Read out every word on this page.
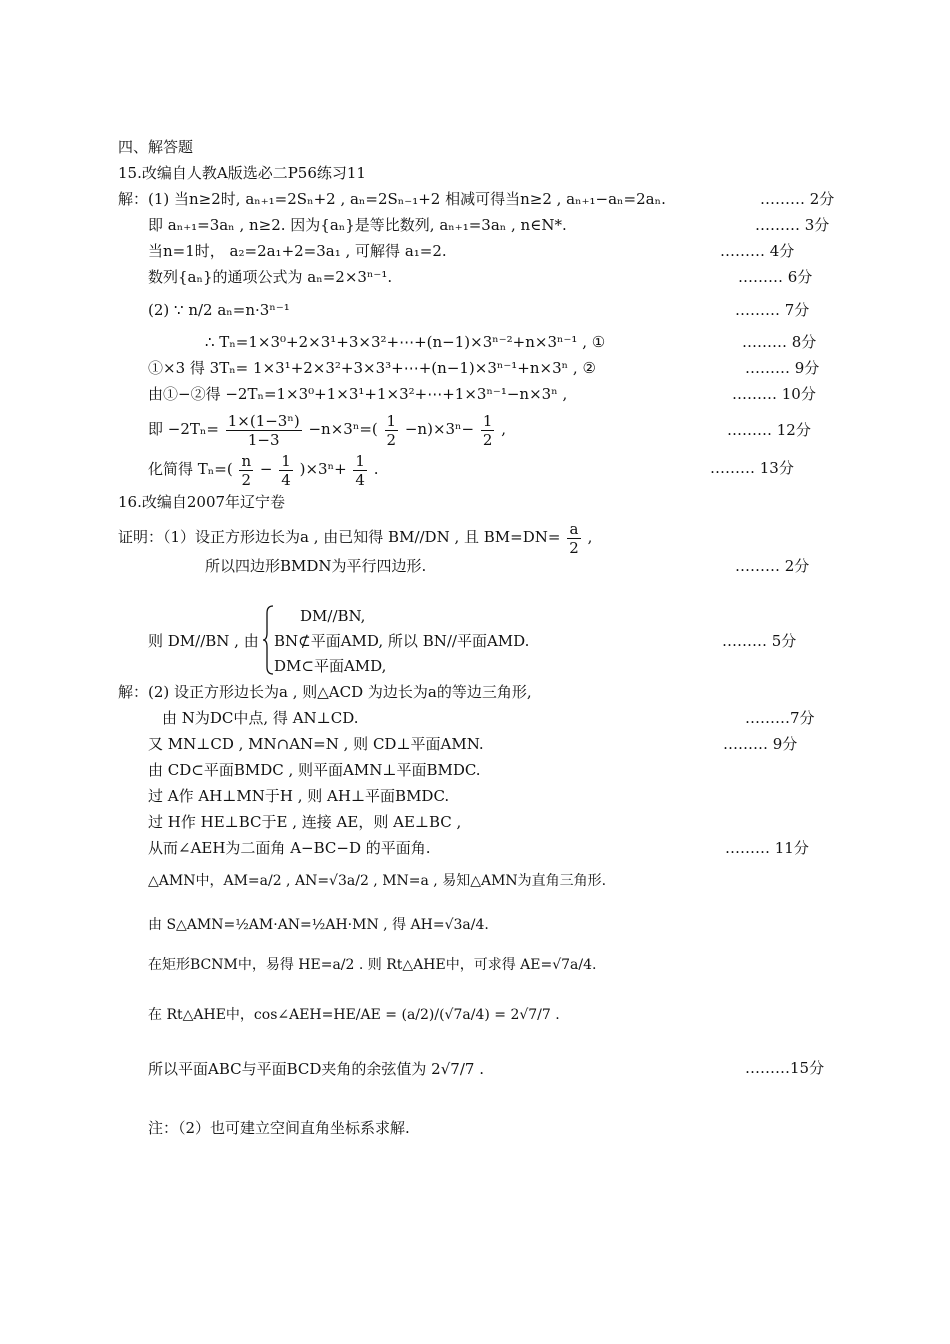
四、解答题
15.改编自人教A版选必二P56练习11
解：(1) 当n≥2时, aₙ₊₁=2Sₙ+2 , aₙ=2Sₙ₋₁+2 相减可得当n≥2 , aₙ₊₁−aₙ=2aₙ.	……… 2分
即 aₙ₊₁=3aₙ , n≥2. 因为{aₙ}是等比数列, aₙ₊₁=3aₙ , n∈N*.	……… 3分
当n=1时， a₂=2a₁+2=3a₁ , 可解得 a₁=2.	……… 4分
数列{aₙ}的通项公式为 aₙ=2×3ⁿ⁻¹.	……… 6分
(2) ∵ n/2 aₙ=n·3ⁿ⁻¹	……… 7分
∴ Tₙ=1×3⁰+2×3¹+3×3²+⋯+(n−1)×3ⁿ⁻²+n×3ⁿ⁻¹ , ①	……… 8分
①×3 得 3Tₙ= 1×3¹+2×3²+3×3³+⋯+(n−1)×3ⁿ⁻¹+n×3ⁿ , ②	……… 9分
由①−②得 −2Tₙ=1×3⁰+1×3¹+1×3²+⋯+1×3ⁿ⁻¹−n×3ⁿ ,	……… 10分
即 $-2T_n= \frac{\text{1×(1−3ⁿ)}}{1-3} -n\times 3^n=( \frac{1}{2} -n)\times 3^n- \frac{1}{2}$ ,	……… 12分
化简得 $T_n=( \frac{n}{2} - \frac{1}{4} )\times 3^n+ \frac{1}{4}$ .	……… 13分
16.改编自2007年辽宁卷
证明：（1）设正方形边长为a , 由已知得 BM//DN , 且 $BM=DN= \frac{a}{2}$ ,
所以四边形BMDN为平行四边形.	……… 2分
则 DM//BN , 由
DM//BN,
BN⊄平面AMD, 所以 BN//平面AMD.
DM⊂平面AMD,
……… 5分
解：(2) 设正方形边长为a , 则△ACD 为边长为a的等边三角形,
由 N为DC中点, 得 AN⊥CD.	………7分
又 MN⊥CD , MN∩AN=N , 则 CD⊥平面AMN.	……… 9分
由 CD⊂平面BMDC , 则平面AMN⊥平面BMDC.
过 A作 AH⊥MN于H , 则 AH⊥平面BMDC.
过 H作 HE⊥BC于E , 连接 AE，则 AE⊥BC ,
从而∠AEH为二面角 A−BC−D 的平面角.	……… 11分
△AMN中，AM=a/2 , AN=√3a/2 , MN=a , 易知△AMN为直角三角形.
由 S△AMN=½AM·AN=½AH·MN , 得 AH=√3a/4.
在矩形BCNM中，易得 HE=a/2 . 则 Rt△AHE中，可求得 AE=√7a/4.
在 Rt△AHE中，cos∠AEH=HE/AE = (a/2)/(√7a/4) = 2√7/7 .
所以平面ABC与平面BCD夹角的余弦值为 2√7/7 .	………15分
注：（2）也可建立空间直角坐标系求解.
